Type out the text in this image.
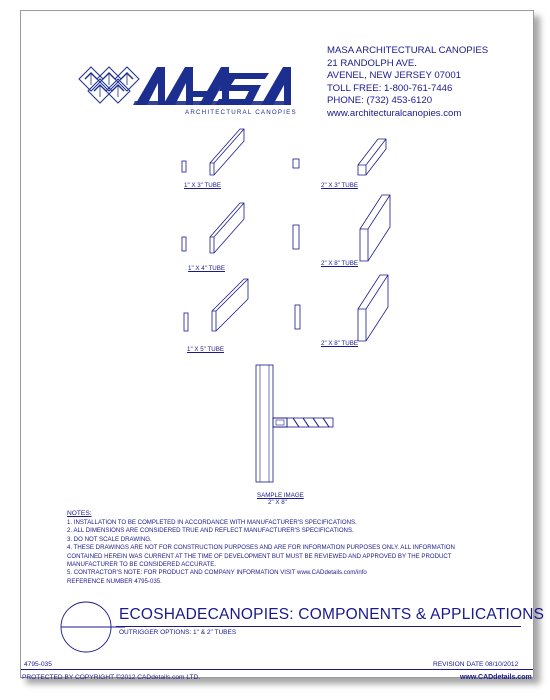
ARCHITECTURAL CANOPIES
MASA ARCHITECTURAL CANOPIES
21 RANDOLPH AVE.
AVENEL, NEW JERSEY 07001
TOLL FREE: 1-800-761-7446
PHONE: (732) 453-6120
www.architecturalcanopies.com
1" X 3" TUBE	2" X 3" TUBE
1" X 4" TUBE
2" X 8" TUBE
1" X 5" TUBE
2" X 8" TUBE
SAMPLE IMAGE
2" X 8"
NOTES:
1. INSTALLATION TO BE COMPLETED IN ACCORDANCE WITH MANUFACTURER'S SPECIFICATIONS.
2. ALL DIMENSIONS ARE CONSIDERED TRUE AND REFLECT MANUFACTURER'S SPECIFICATIONS.
3. DO NOT SCALE DRAWING.
4. THESE DRAWINGS ARE NOT FOR CONSTRUCTION PURPOSES AND ARE FOR INFORMATION PURPOSES ONLY. ALL INFORMATION
CONTAINED HEREIN WAS CURRENT AT THE TIME OF DEVELOPMENT BUT MUST BE REVIEWED AND APPROVED BY THE PRODUCT
MANUFACTURER TO BE CONSIDERED ACCURATE.
5. CONTRACTOR'S NOTE: FOR PRODUCT AND COMPANY INFORMATION VISIT www.CADdetails.com/info
REFERENCE NUMBER 4795-035.
ECOSHADECANOPIES: COMPONENTS & APPLICATIONS
OUTRIGGER OPTIONS: 1" & 2" TUBES
4795-035	REVISION DATE 08/10/2012
PROTECTED BY COPYRIGHT ©2012 CADdetails.com LTD.	www.CADdetails.com
